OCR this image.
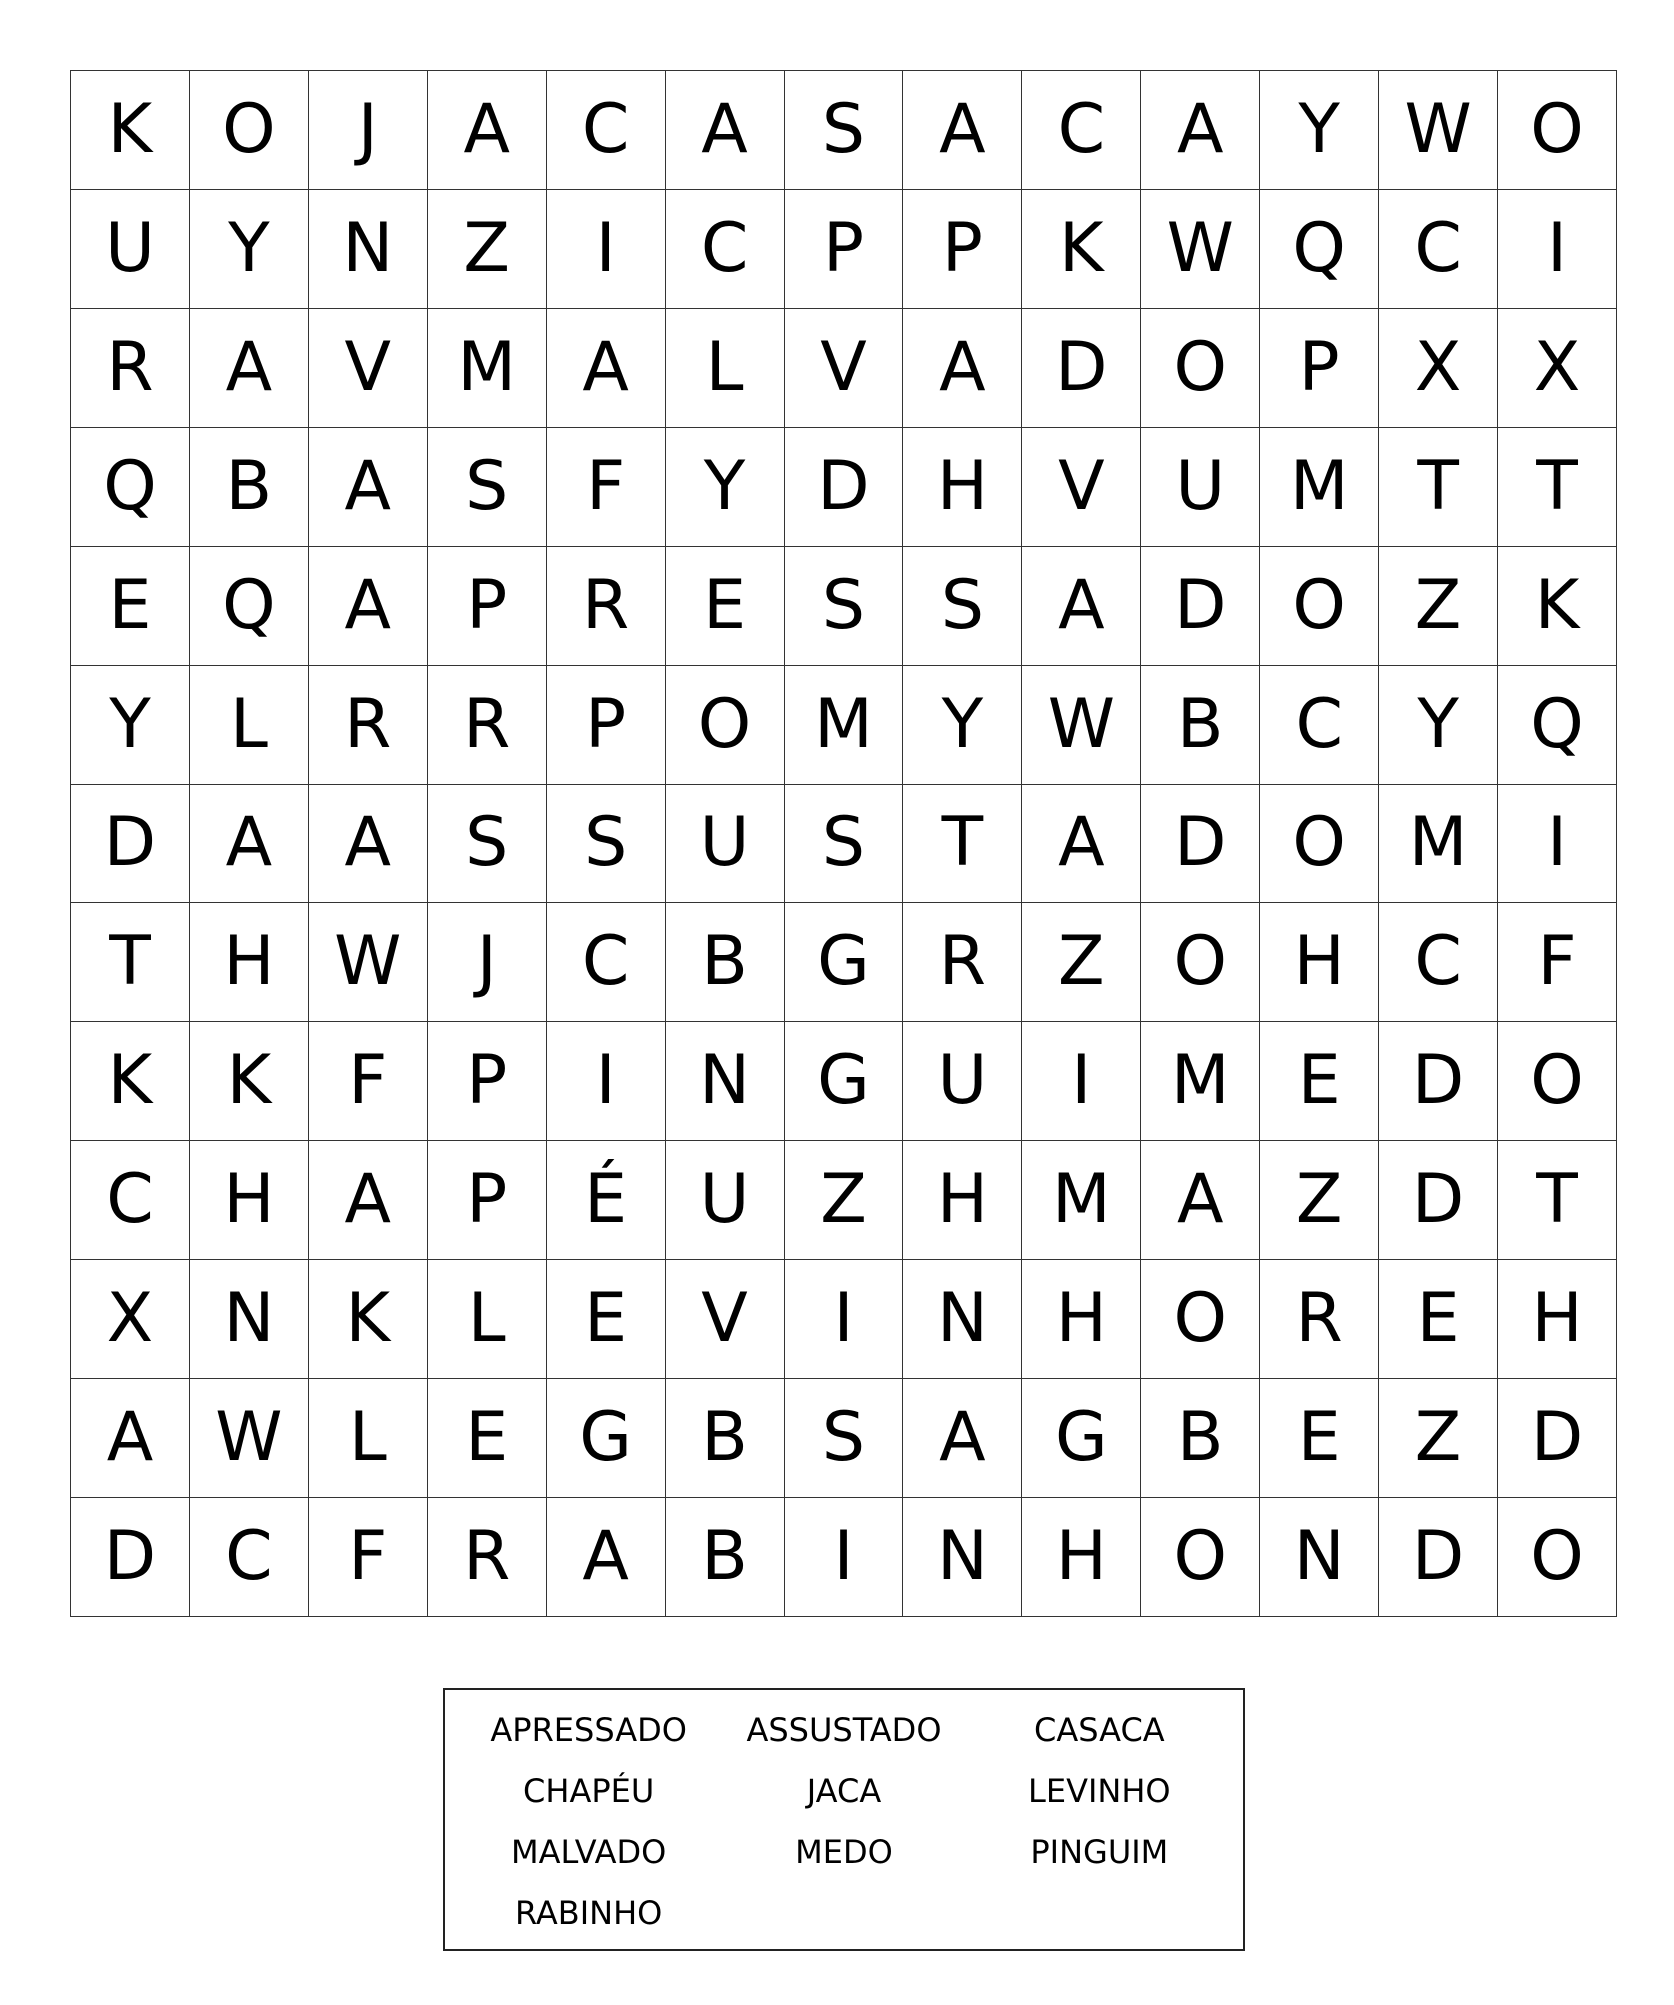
K	O	J	A	C	A	S	A	C	A	Y W O
U	Y	N	Z	I	C	P	P	K W Q	C	I
R	A	V M A	L	V	A	D O	P	X	X
Q	B	A	S	F	Y	D H	V	U M	T	T
E	Q	A	P	R	E	S	S	A	D O	Z	K
Y	L	R	R	P	O M	Y W B	C	Y	Q
D	A	A	S	S	U	S	T	A	D O M	I
T	H W	J	C	B	G	R	Z	O H	C	F
K	K	F	P	I	N G U	I	M	E	D O
C	H	A	P	É	U	Z	H M A	Z	D	T
X	N	K	L	E	V	I	N H O	R	E	H
A W L	E	G	B	S	A	G	B	E	Z	D
D	C	F	R	A	B	I	N H O N D O
APRESSADO	ASSUSTADO	CASACA
CHAPÉU	JACA	LEVINHO
MALVADO	MEDO	PINGUIM
RABINHO
